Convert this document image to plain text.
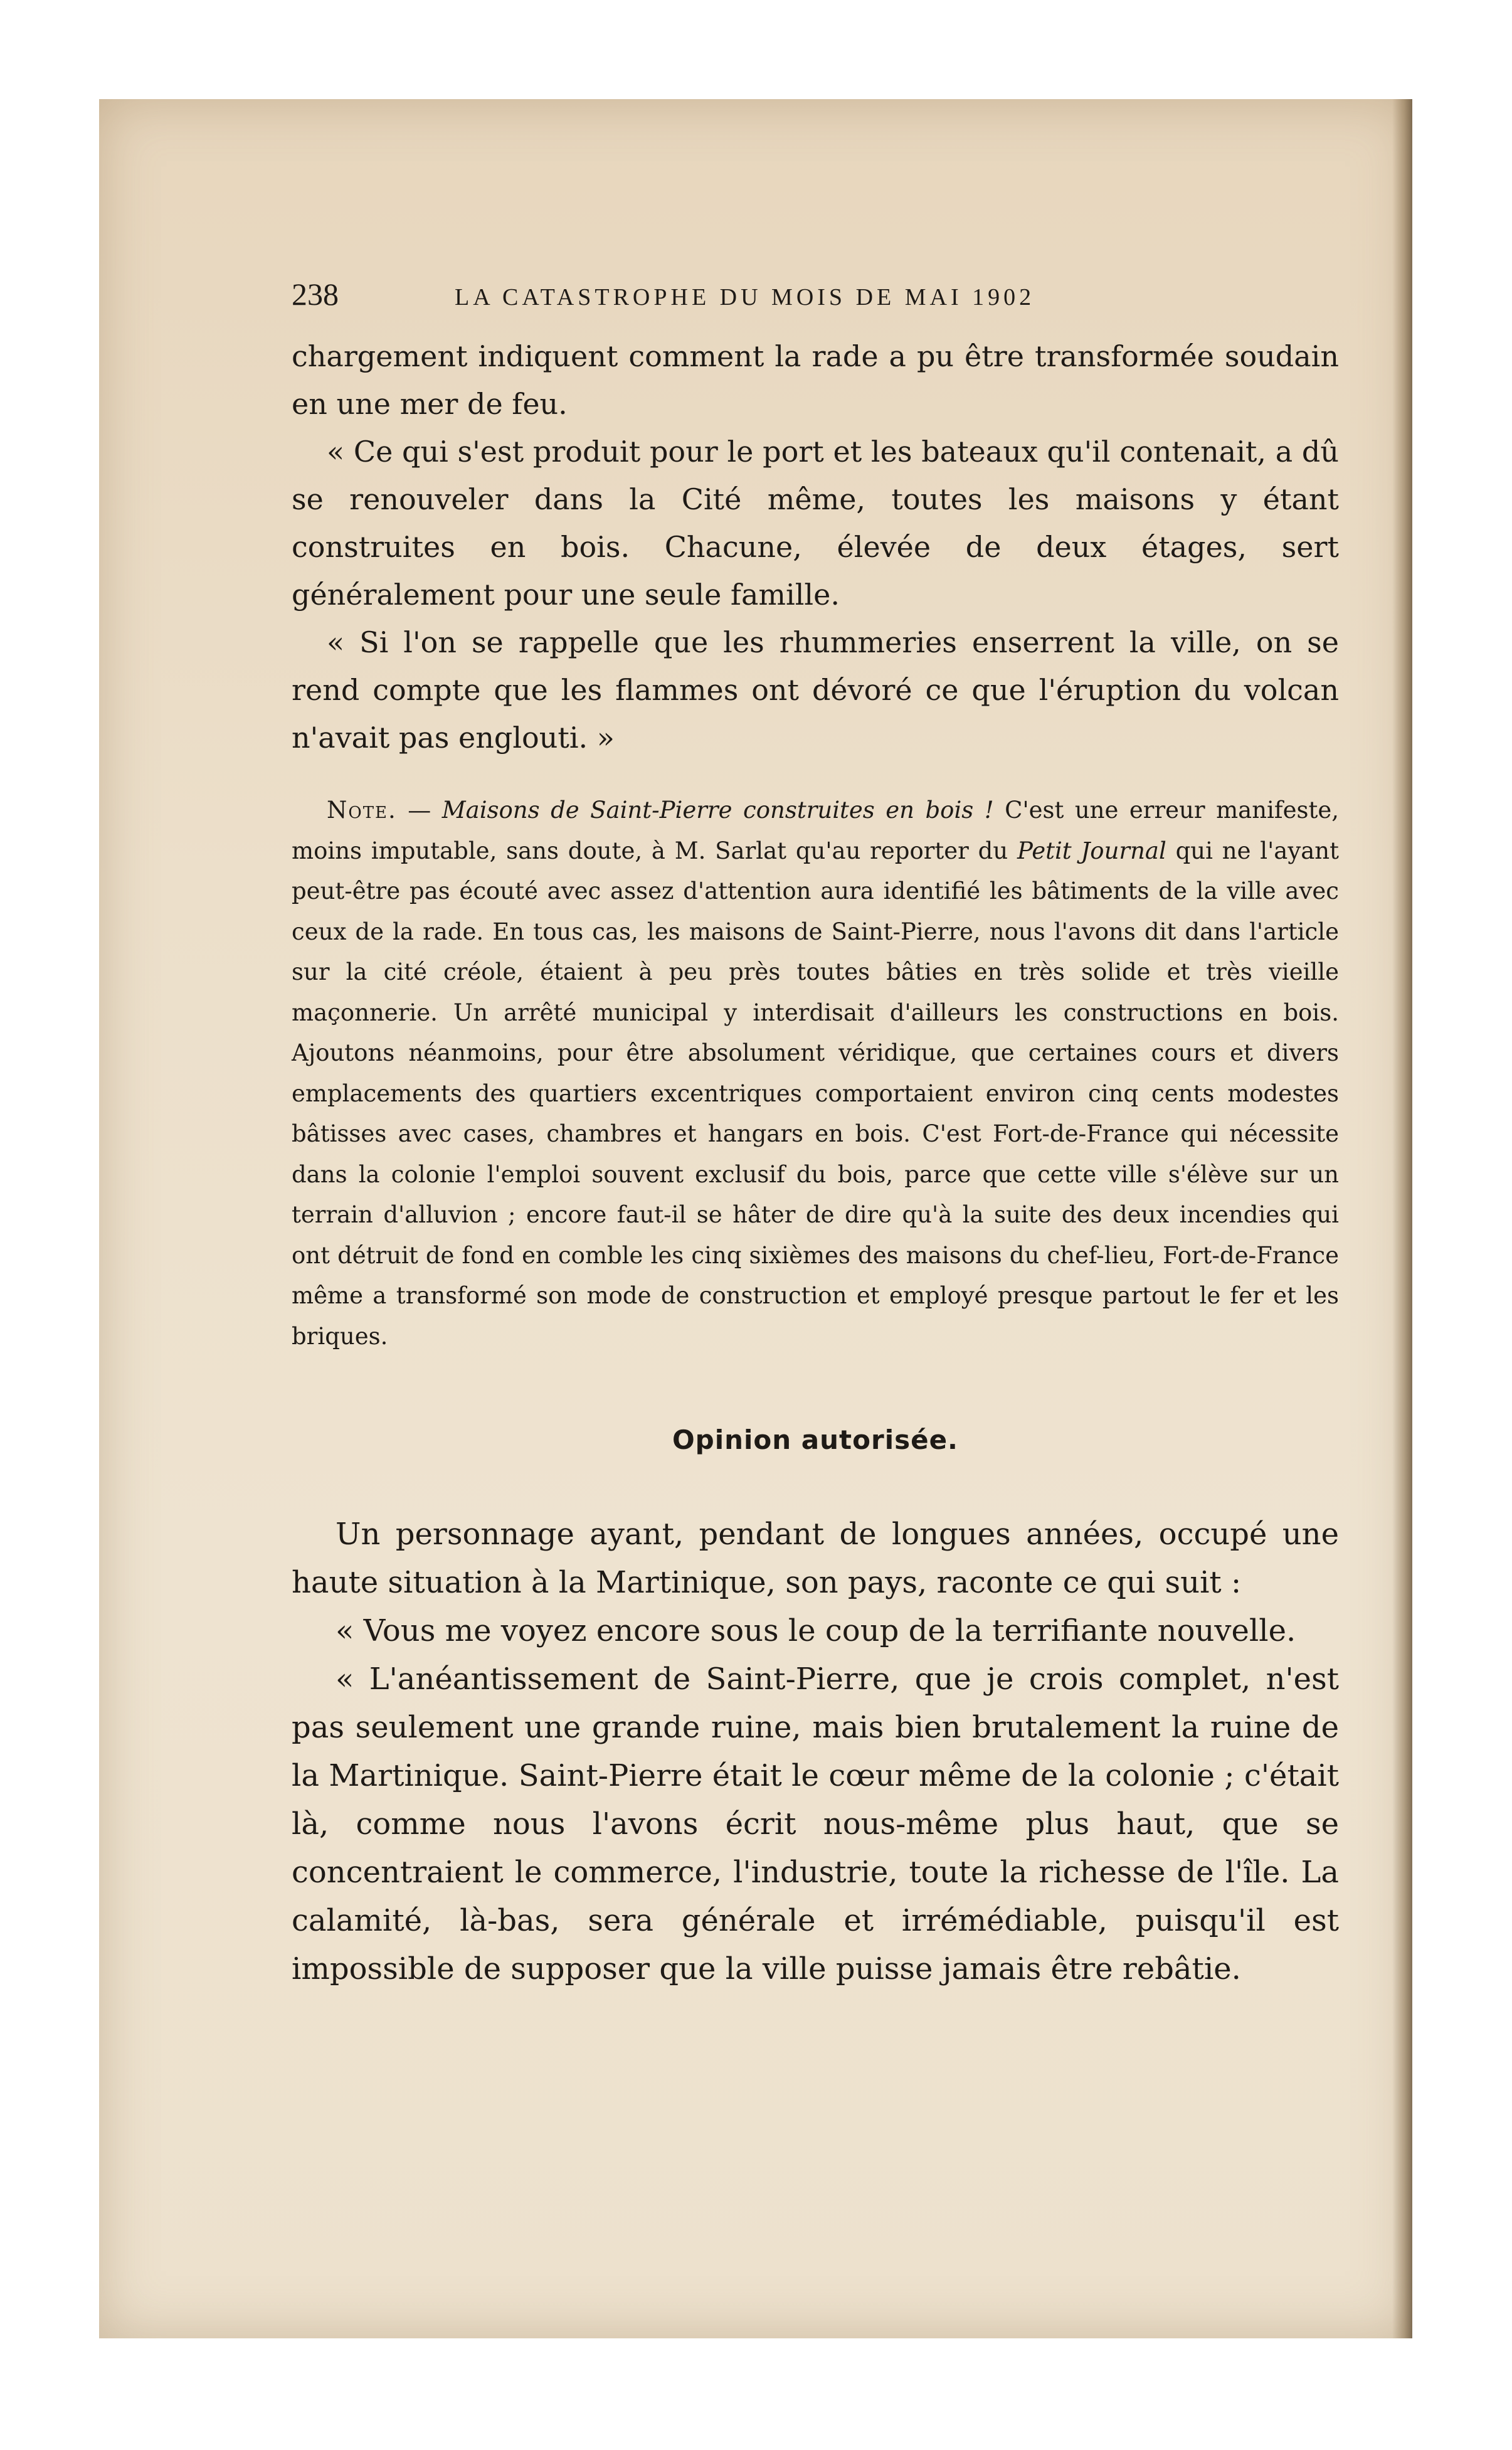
238	LA CATASTROPHE DU MOIS DE MAI 1902

chargement indiquent comment la rade a pu être transformée soudain en une mer de feu.

« Ce qui s'est produit pour le port et les bateaux qu'il contenait, a dû se renouveler dans la Cité même, toutes les maisons y étant construites en bois. Chacune, élevée de deux étages, sert généralement pour une seule famille.

« Si l'on se rappelle que les rhummeries enserrent la ville, on se rend compte que les flammes ont dévoré ce que l'éruption du volcan n'avait pas englouti. »

Note. — Maisons de Saint-Pierre construites en bois ! C'est une erreur manifeste, moins imputable, sans doute, à M. Sarlat qu'au reporter du Petit Journal qui ne l'ayant peut-être pas écouté avec assez d'attention aura identifié les bâtiments de la ville avec ceux de la rade. En tous cas, les maisons de Saint-Pierre, nous l'avons dit dans l'article sur la cité créole, étaient à peu près toutes bâties en très solide et très vieille maçonnerie. Un arrêté municipal y interdisait d'ailleurs les constructions en bois. Ajoutons néanmoins, pour être absolument véridique, que certaines cours et divers emplacements des quartiers excentriques comportaient environ cinq cents modestes bâtisses avec cases, chambres et hangars en bois. C'est Fort-de-France qui nécessite dans la colonie l'emploi souvent exclusif du bois, parce que cette ville s'élève sur un terrain d'alluvion ; encore faut-il se hâter de dire qu'à la suite des deux incendies qui ont détruit de fond en comble les cinq sixièmes des maisons du chef-lieu, Fort-de-France même a transformé son mode de construction et employé presque partout le fer et les briques.
Opinion autorisée.

Un personnage ayant, pendant de longues années, occupé une haute situation à la Martinique, son pays, raconte ce qui suit :

« Vous me voyez encore sous le coup de la terrifiante nouvelle.

« L'anéantissement de Saint-Pierre, que je crois complet, n'est pas seulement une grande ruine, mais bien brutalement la ruine de la Martinique. Saint-Pierre était le cœur même de la colonie ; c'était là, comme nous l'avons écrit nous-même plus haut, que se concentraient le commerce, l'industrie, toute la richesse de l'île. La calamité, là-bas, sera générale et irrémédiable, puisqu'il est impossible de supposer que la ville puisse jamais être rebâtie.
